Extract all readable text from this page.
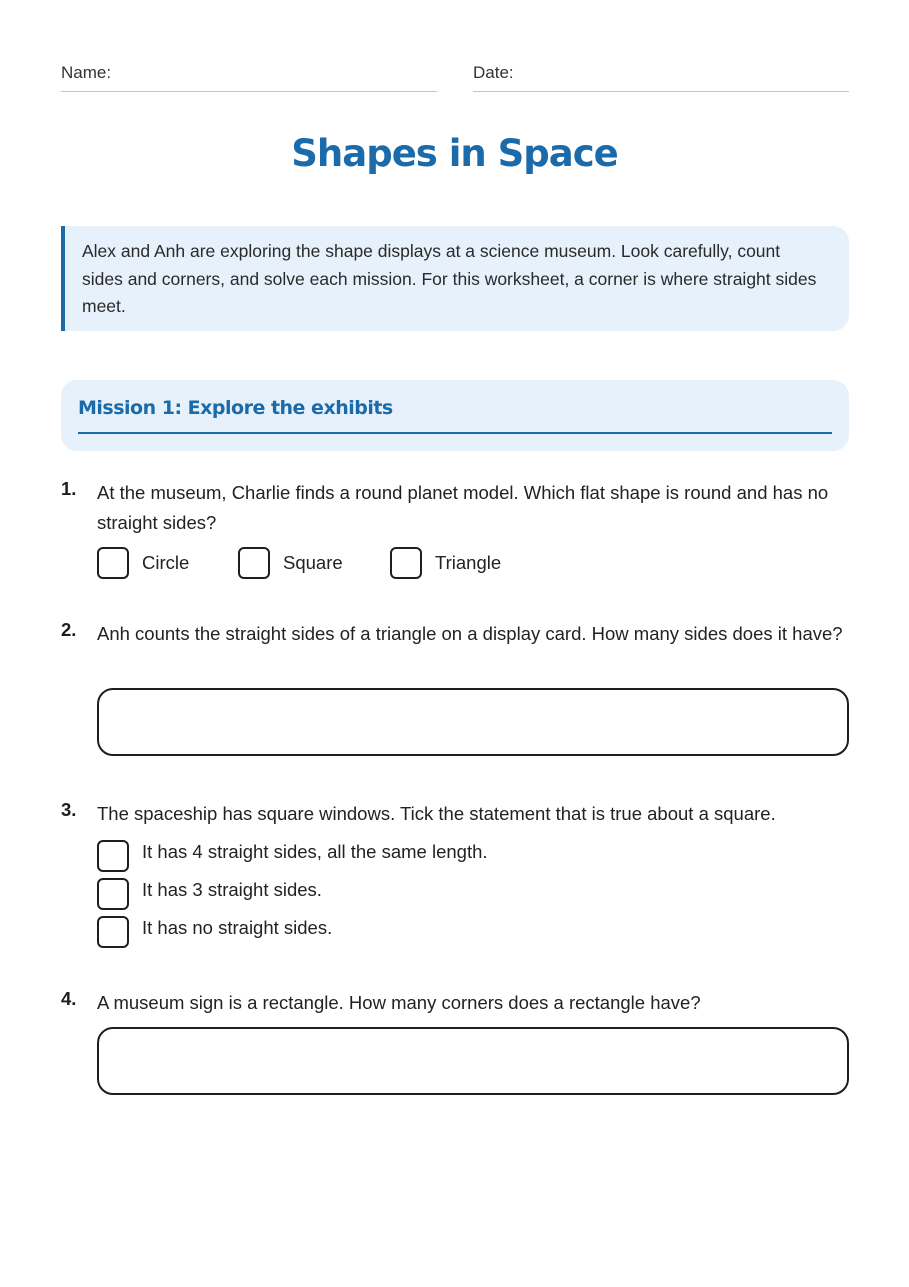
Name:	Date:
Shapes in Space
Alex and Anh are exploring the shape displays at a science museum. Look carefully, count sides and corners, and solve each mission. For this worksheet, a corner is where straight sides meet.
Mission 1: Explore the exhibits
1. At the museum, Charlie finds a round planet model. Which flat shape is round and has no straight sides?
Circle	Square	Triangle
2. Anh counts the straight sides of a triangle on a display card. How many sides does it have?
3. The spaceship has square windows. Tick the statement that is true about a square.
It has 4 straight sides, all the same length.
It has 3 straight sides.
It has no straight sides.
4. A museum sign is a rectangle. How many corners does a rectangle have?
